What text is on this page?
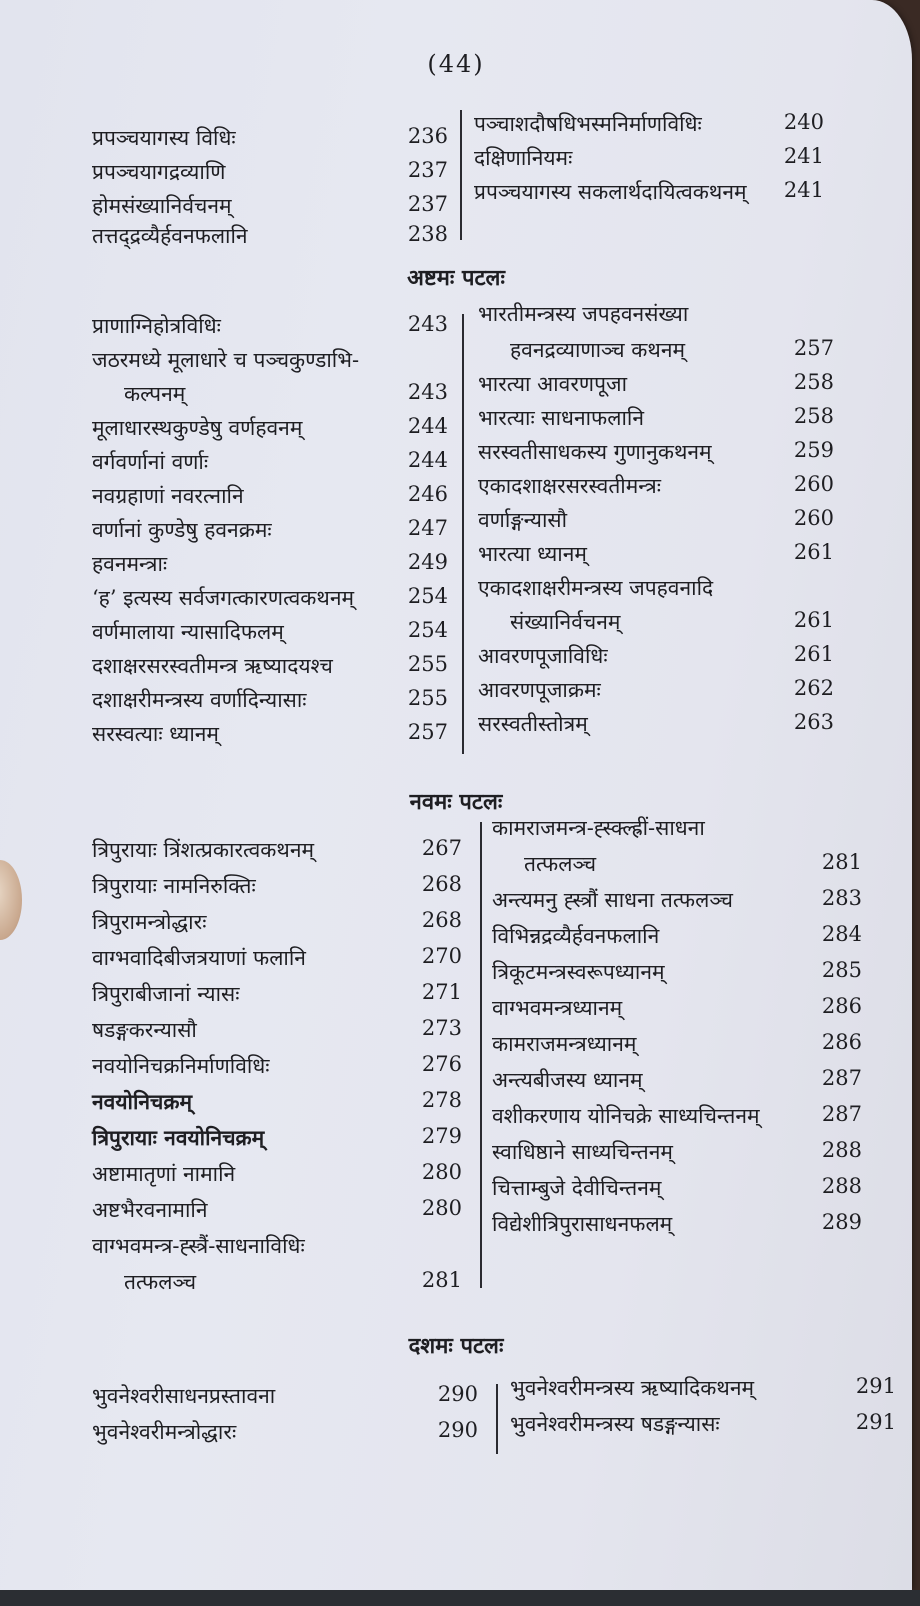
(44)
प्रपञ्चयागस्य विधिः	236
प्रपञ्चयागद्रव्याणि	237
होमसंख्यानिर्वचनम्	237
तत्तद्द्रव्यैर्हवनफलानि	238
पञ्चाशदौषधिभस्मनिर्माणविधिः	240
दक्षिणानियमः	241
प्रपञ्चयागस्य सकलार्थदायित्वकथनम् 241
अष्टमः पटलः
प्राणाग्निहोत्रविधिः	243
जठरमध्ये मूलाधारे च पञ्चकुण्डाभि-
कल्पनम्	243
मूलाधारस्थकुण्डेषु वर्णहवनम्	244
वर्गवर्णानां वर्णाः	244
नवग्रहाणां नवरत्नानि	246
वर्णानां कुण्डेषु हवनक्रमः	247
हवनमन्त्राः	249
‘ह’ इत्यस्य सर्वजगत्कारणत्वकथनम्	254
वर्णमालाया न्यासादिफलम्	254
दशाक्षरसरस्वतीमन्त्र ऋष्यादयश्च	255
दशाक्षरीमन्त्रस्य वर्णादिन्यासाः	255
सरस्वत्याः ध्यानम्	257
भारतीमन्त्रस्य जपहवनसंख्या
हवनद्रव्याणाञ्च कथनम्	257
भारत्या आवरणपूजा	258
भारत्याः साधनाफलानि	258
सरस्वतीसाधकस्य गुणानुकथनम्	259
एकादशाक्षरसरस्वतीमन्त्रः	260
वर्णाङ्गन्यासौ	260
भारत्या ध्यानम्	261
एकादशाक्षरीमन्त्रस्य जपहवनादि
संख्यानिर्वचनम्	261
आवरणपूजाविधिः	261
आवरणपूजाक्रमः	262
सरस्वतीस्तोत्रम्	263
नवमः पटलः
त्रिपुरायाः त्रिंशत्प्रकारत्वकथनम्	267
त्रिपुरायाः नामनिरुक्तिः	268
त्रिपुरामन्त्रोद्धारः	268
वाग्भवादिबीजत्रयाणां फलानि	270
त्रिपुराबीजानां न्यासः	271
षडङ्गकरन्यासौ	273
नवयोनिचक्रनिर्माणविधिः	276
नवयोनिचक्रम्	278
त्रिपुरायाः नवयोनिचक्रम्	279
अष्टामातृणां नामानि	280
अष्टभैरवनामानि	280
वाग्भवमन्त्र-ह्स्त्रैं-साधनाविधिः
तत्फलञ्च	281
कामराजमन्त्र-ह्स्क्ल्ह्रीं-साधना
तत्फलञ्च	281
अन्त्यमनु ह्स्त्रौं साधना तत्फलञ्च	283
विभिन्नद्रव्यैर्हवनफलानि	284
त्रिकूटमन्त्रस्वरूपध्यानम्	285
वाग्भवमन्त्रध्यानम्	286
कामराजमन्त्रध्यानम्	286
अन्त्यबीजस्य ध्यानम्	287
वशीकरणाय योनिचक्रे साध्यचिन्तनम्	287
स्वाधिष्ठाने साध्यचिन्तनम्	288
चित्ताम्बुजे देवीचिन्तनम्	288
विद्येशीत्रिपुरासाधनफलम्	289
दशमः पटलः
भुवनेश्वरीसाधनप्रस्तावना	290
भुवनेश्वरीमन्त्रोद्धारः	290
भुवनेश्वरीमन्त्रस्य ऋष्यादिकथनम्	291
भुवनेश्वरीमन्त्रस्य षडङ्गन्यासः	291
